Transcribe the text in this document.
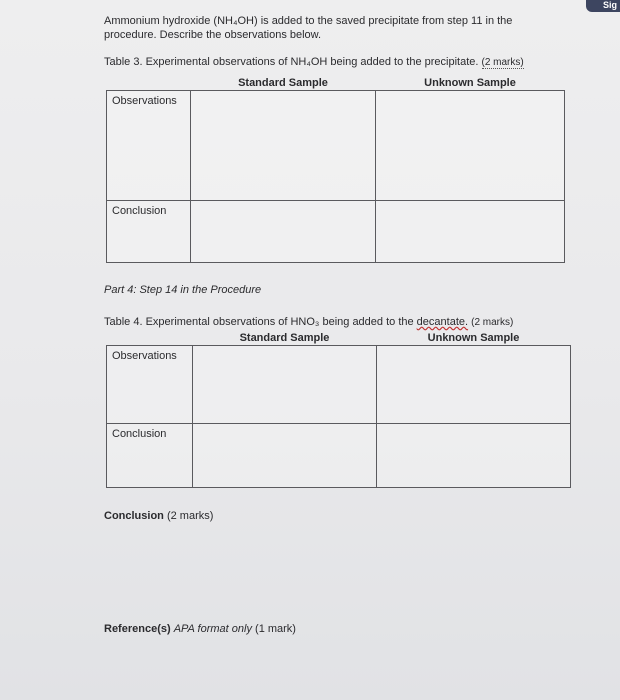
Sig
Ammonium hydroxide (NH₄OH) is added to the saved precipitate from step 11 in the procedure. Describe the observations below.
Table 3. Experimental observations of NH₄OH being added to the precipitate. (2 marks)
	Standard Sample	Unknown Sample
Observations		
Conclusion		
Part 4: Step 14 in the Procedure
Table 4. Experimental observations of HNO₃ being added to the decantate. (2 marks)
	Standard Sample	Unknown Sample
Observations		
Conclusion		
Conclusion (2 marks)
Reference(s) APA format only (1 mark)
